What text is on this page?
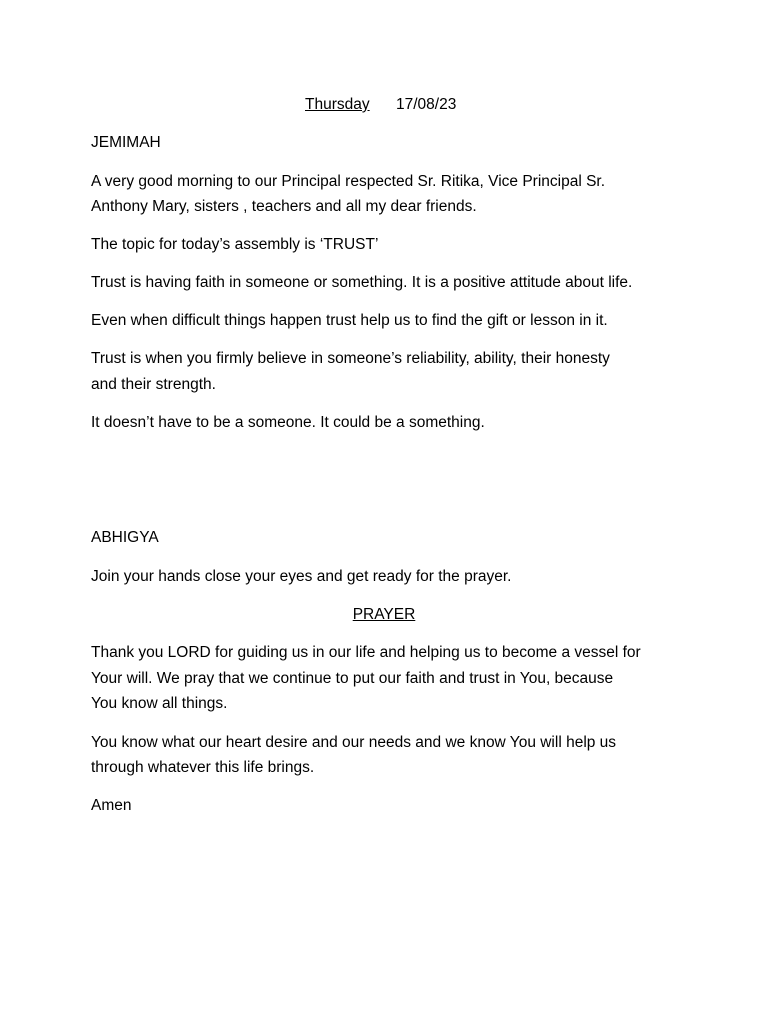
Thursday 17/08/23

JEMIMAH

A very good morning to our Principal respected Sr. Ritika, Vice Principal Sr.

Anthony Mary, sisters , teachers and all my dear friends.

The topic for today’s assembly is ‘TRUST’

Trust is having faith in someone or something. It is a positive attitude about life.

Even when difficult things happen trust help us to find the gift or lesson in it.

Trust is when you firmly believe in someone’s reliability, ability, their honesty

and their strength.

It doesn’t have to be a someone. It could be a something.

ABHIGYA

Join your hands close your eyes and get ready for the prayer.

PRAYER

Thank you LORD for guiding us in our life and helping us to become a vessel for

Your will. We pray that we continue to put our faith and trust in You, because

You know all things.

You know what our heart desire and our needs and we know You will help us

through whatever this life brings.

Amen
